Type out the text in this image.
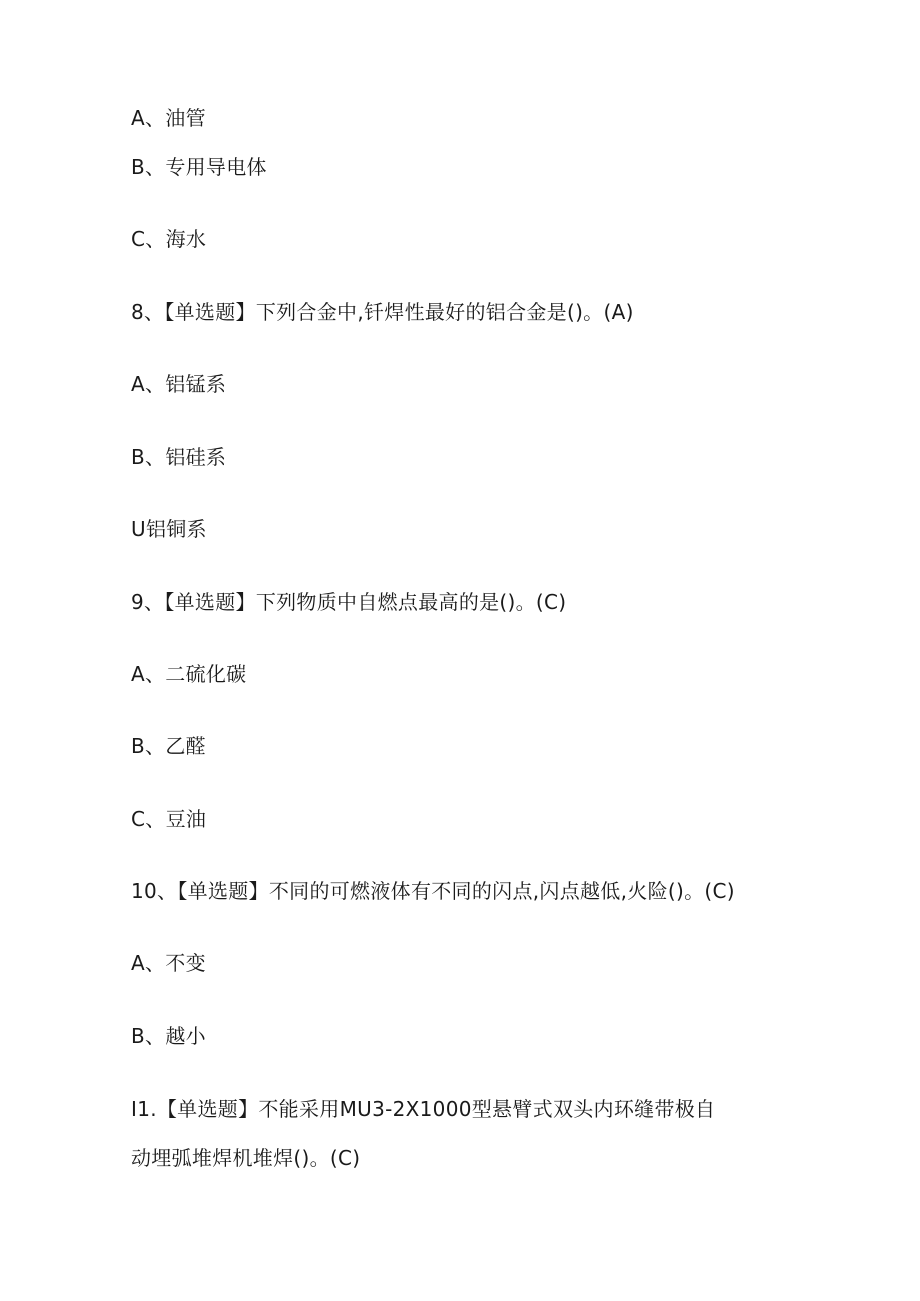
A、油管
B、专用导电体
C、海水
8、【单选题】下列合金中,钎焊性最好的铝合金是()。(A)
A、铝锰系
B、铝硅系
U铝铜系
9、【单选题】下列物质中自燃点最高的是()。(C)
A、二硫化碳
B、乙醛
C、豆油
10、【单选题】不同的可燃液体有不同的闪点,闪点越低,火险()。(C)
A、不变
B、越小
I1.【单选题】不能采用MU3-2X1000型悬臂式双头内环缝带极自
动埋弧堆焊机堆焊()。(C)
